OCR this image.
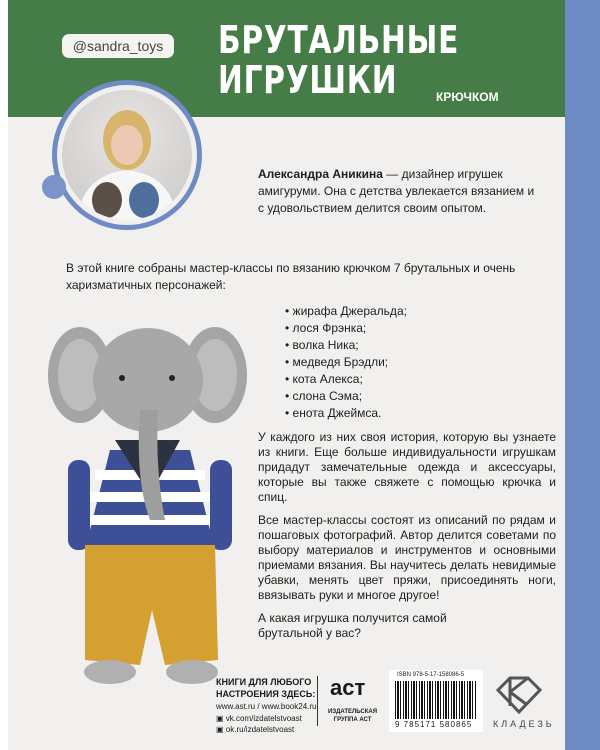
@sandra_toys БРУТАЛЬНЫЕ
ИГРУШКИ	КРЮЧКОМ
Александра Аникина — дизайнер игрушек амигуруми. Она с детства увлекается вязанием и с удовольствием делится своим опытом.
В этой книге собраны мастер-классы по вязанию крючком 7 брутальных и очень харизматичных персонажей:
• жирафа Джеральда;
• лося Фрэнка;
• волка Ника;
• медведя Брэдли;
• кота Алекса;
• слона Сэма;
• енота Джеймса.

У каждого из них своя история, которую вы узнаете из книги. Еще больше индивидуальности игрушкам придадут замечательные одежда и аксессуары, которые вы также свяжете с помощью крючка и спиц.

Все мастер-классы состоят из описаний по рядам и пошаговых фотографий. Автор делится советами по выбору материалов и инструментов и основными приемами вязания. Вы научитесь делать невидимые убавки, менять цвет пряжи, присоединять ноги, ввязывать руки и многое другое!

А какая игрушка получится самой брутальной у вас?

КНИГИ ДЛЯ ЛЮБОГО
НАСТРОЕНИЯ ЗДЕСЬ:
www.ast.ru / www.book24.ru
▣ vk.com/izdatelstvoast
▣ ok.ru/izdatelstvoast
аст
ИЗДАТЕЛЬСКАЯ
ГРУППА АСТ
ISBN 978-5-17-158086-5
9 785171 580865 КЛАДЕЗЬ
